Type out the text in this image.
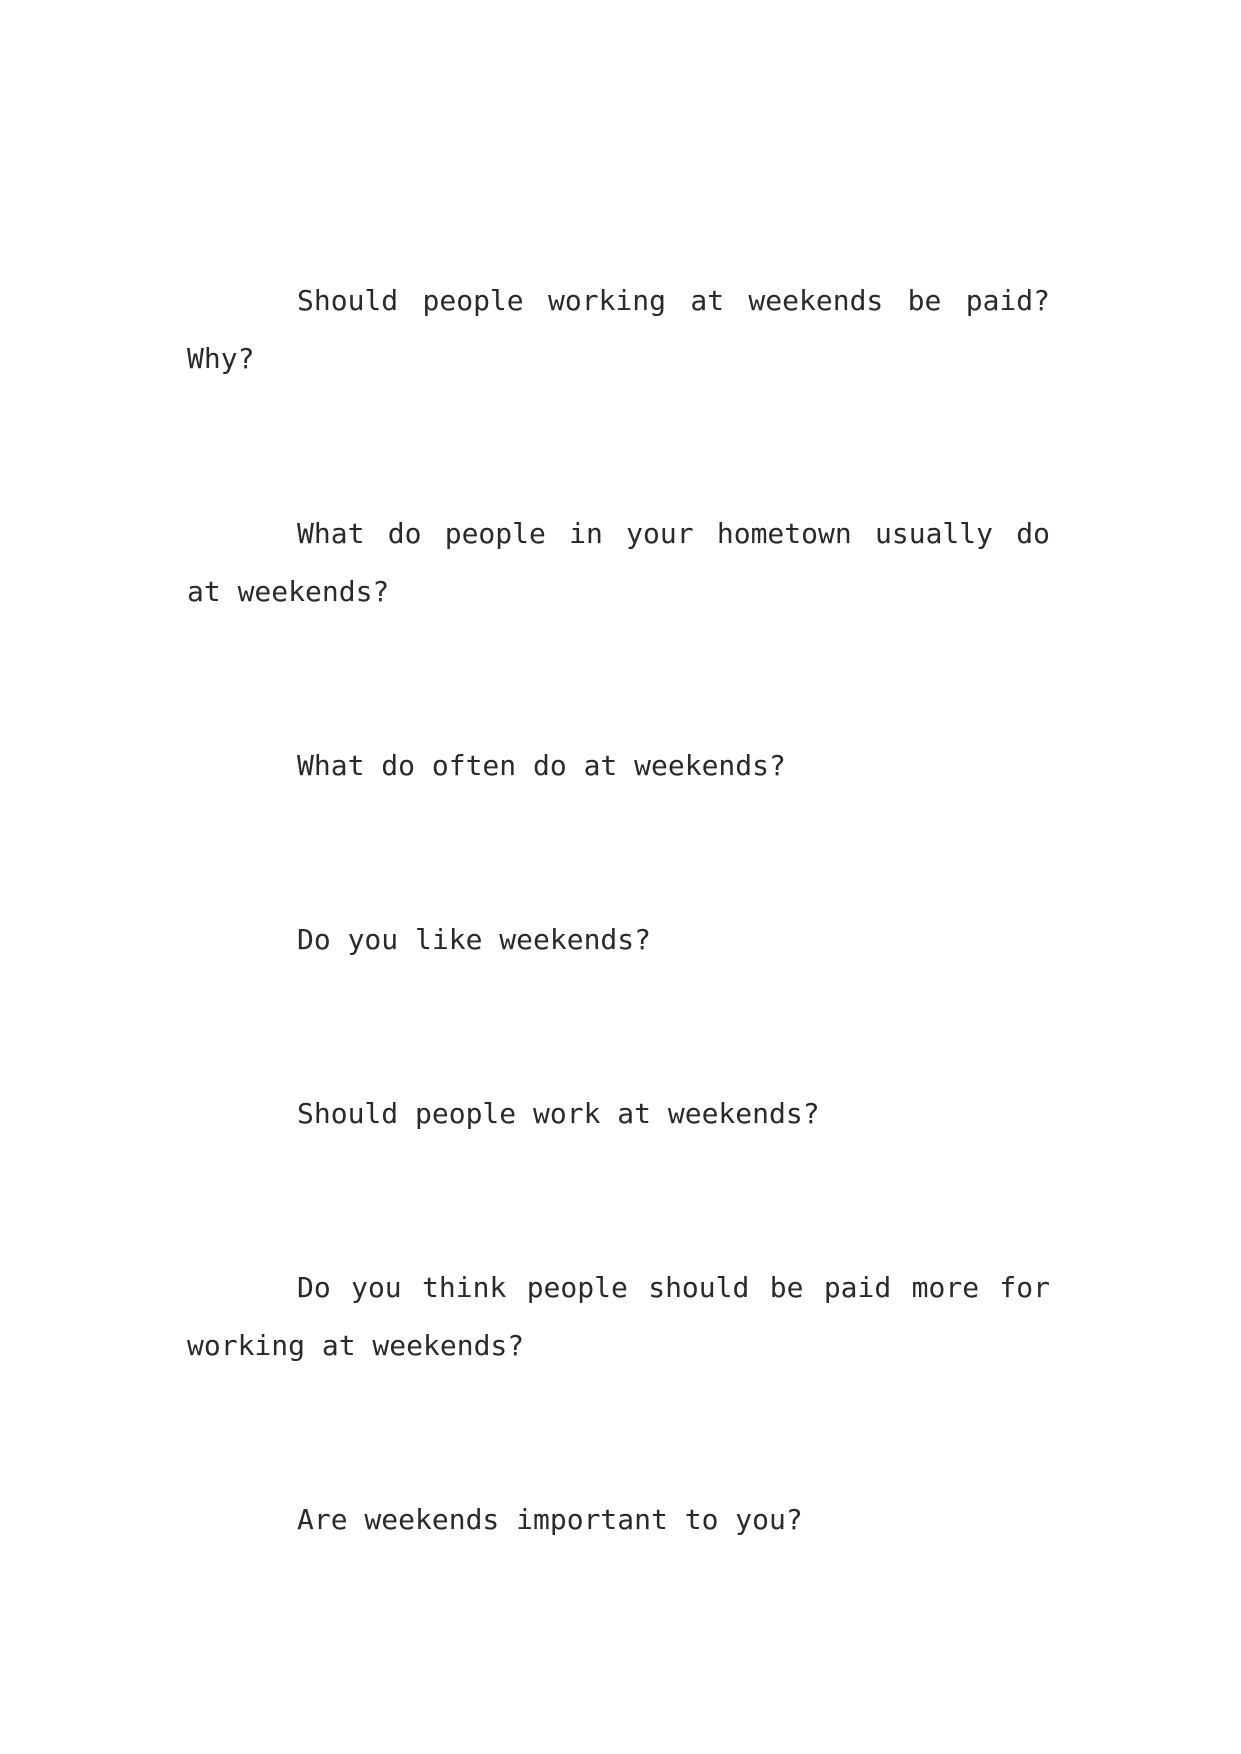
Should people working at weekends be paid? Why?

What do people in your hometown usually do at weekends?

What do often do at weekends?

Do you like weekends?

Should people work at weekends?

Do you think people should be paid more for working at weekends?

Are weekends important to you?
